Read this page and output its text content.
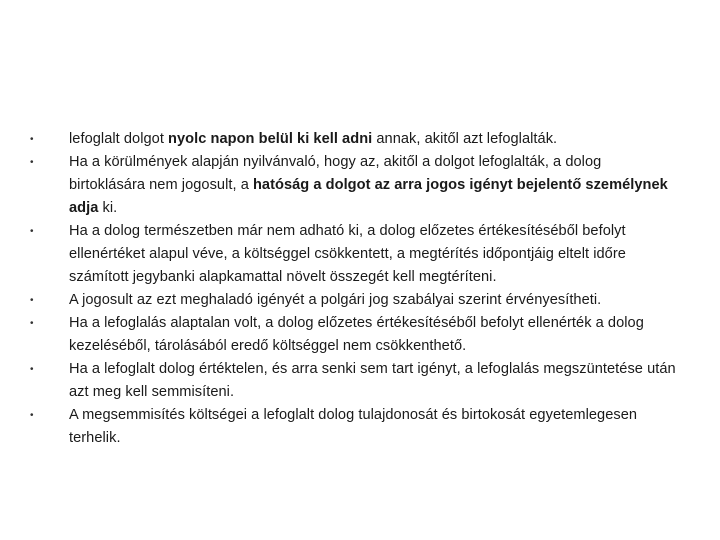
• lefoglalt dolgot nyolc napon belül ki kell adni annak, akitől azt lefoglalták.
• Ha a körülmények alapján nyilvánvaló, hogy az, akitől a dolgot lefoglalták, a dolog birtoklására nem jogosult, a hatóság a dolgot az arra jogos igényt bejelentő személynek adja ki.
• Ha a dolog természetben már nem adható ki, a dolog előzetes értékesítéséből befolyt ellenértéket alapul véve, a költséggel csökkentett, a megtérítés időpontjáig eltelt időre számított jegybanki alapkamattal növelt összegét kell megtéríteni.
• A jogosult az ezt meghaladó igényét a polgári jog szabályai szerint érvényesítheti.
• Ha a lefoglalás alaptalan volt, a dolog előzetes értékesítéséből befolyt ellenérték a dolog kezeléséből, tárolásából eredő költséggel nem csökkenthető.
• Ha a lefoglalt dolog értéktelen, és arra senki sem tart igényt, a lefoglalás megszüntetése után azt meg kell semmisíteni.
• A megsemmisítés költségei a lefoglalt dolog tulajdonosát és birtokosát egyetemlegesen terhelik.
